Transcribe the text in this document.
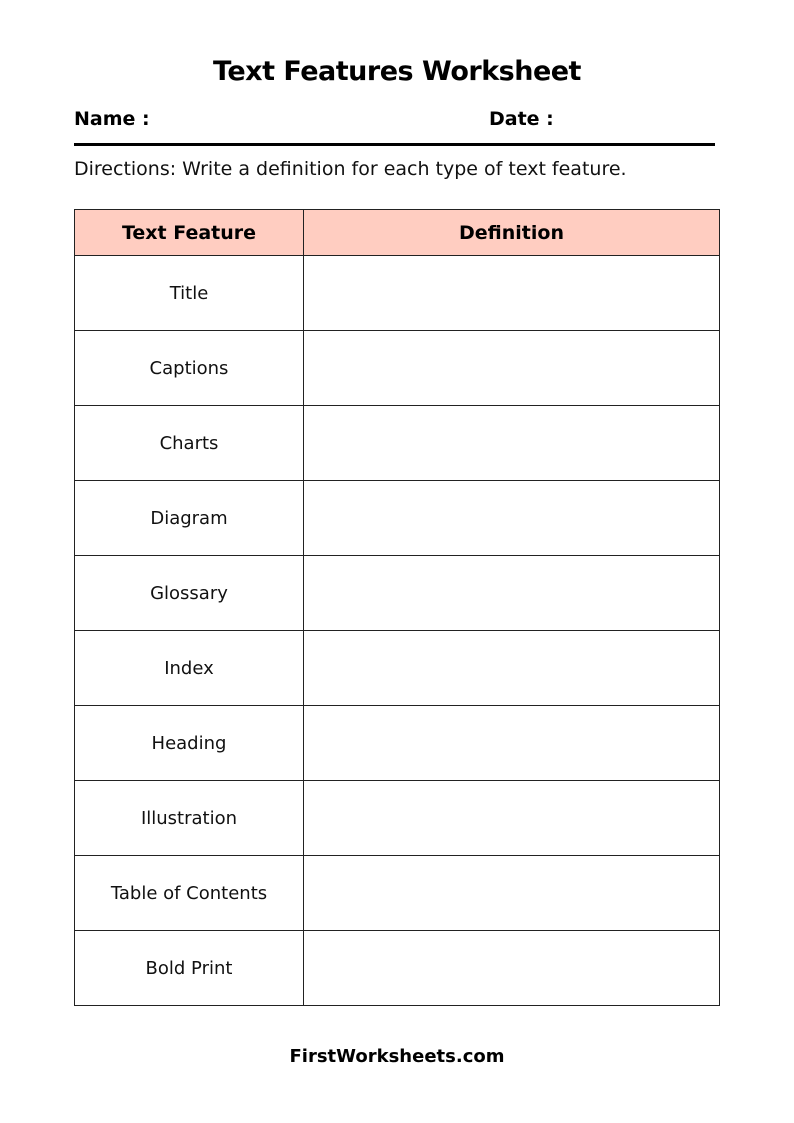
Text Features Worksheet
Name :	Date :
Directions: Write a definition for each type of text feature.
Text Feature	Definition
Title	
Captions	
Charts	
Diagram	
Glossary	
Index	
Heading	
Illustration	
Table of Contents	
Bold Print	
FirstWorksheets.com
